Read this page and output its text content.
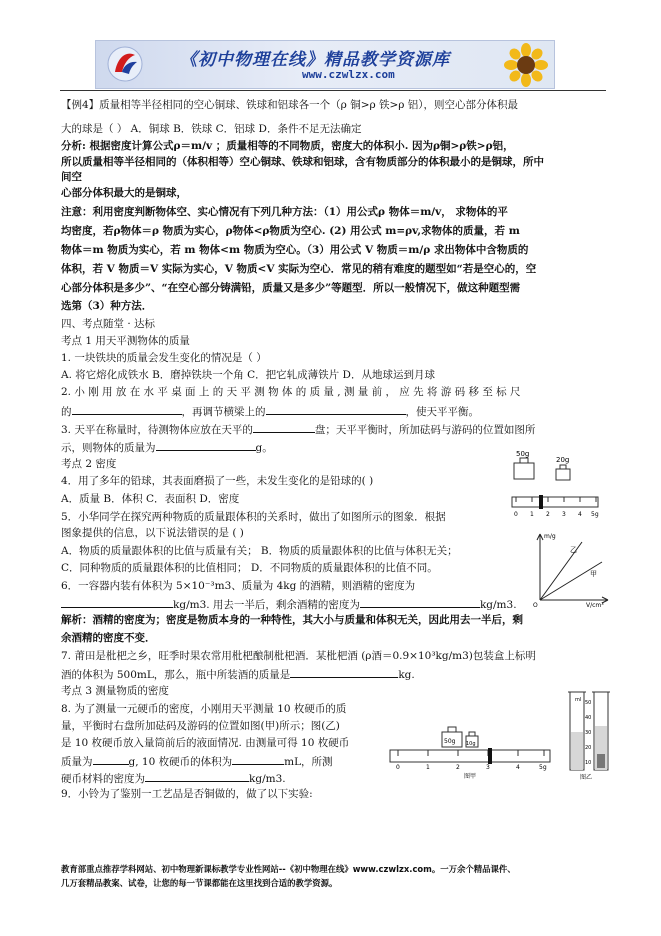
《初中物理在线》精品教学资源库
www.czwlzx.com
【例4】质量相等半径相同的空心铜球、铁球和铝球各一个（ρ 铜>ρ 铁>ρ 铝），则空心部分体积最
大的球是（ ） A．铜球 B．铁球 C．铝球 D．条件不足无法确定
分析: 根据密度计算公式ρ＝m/v ；质量相等的不同物质，密度大的体积小. 因为ρ铜>ρ铁>ρ铝，
所以质量相等半径相同的（体积相等）空心铜球、铁球和铝球，含有物质部分的体积最小的是铜球，所中
间空
心部分体积最大的是铜球，
注意：利用密度判断物体空、实心情况有下列几种方法：（1）用公式ρ 物体＝m/v， 求物体的平
均密度，若ρ物体＝ρ 物质为实心，ρ物体<ρ物质为空心. (2) 用公式 m=ρv,求物体的质量，若 m
物体＝m 物质为实心，若 m 物体<m 物质为空心。（3）用公式 V 物质＝m/ρ 求出物体中含物质的
体积，若 V 物质＝V 实际为实心，V 物质<V 实际为空心．常见的稍有难度的题型如“若是空心的，空
心部分体积是多少”、“在空心部分铸满铅，质量又是多少”等题型．所以一般情况下，做这种题型需
选第（3）种方法．
四、考点随堂 · 达标
考点 1 用天平测物体的质量
1. 一块铁块的质量会发生变化的情况是（ ）
A. 将它熔化成铁水 B．磨掉铁块一个角 C．把它轧成薄铁片 D．从地球运到月球
2. 小 刚 用 放 在 水 平 桌 面 上 的 天 平 测 物 体 的 质 量 , 测 量 前 ， 应 先 将 游 码 移 至 标 尺
的	，再调节横梁上的	，使天平平衡。
3. 天平在称量时，待测物体应放在天平的	盘；天平平衡时，所加砝码与游码的位置如图所
示，则物体的质量为	g。
考点 2 密度
4．用了多年的铅球，其表面磨损了一些，未发生变化的是铅球的( )
A．质量 B．体积 C．表面积 D．密度
5．小华同学在探究两种物质的质量跟体积的关系时，做出了如图所示的图象．根据
图象提供的信息，以下说法错误的是 ( )
A．物质的质量跟体积的比值与质量有关； B．物质的质量跟体积的比值与体积无关；
C．同种物质的质量跟体积的比值相同； D．不同物质的质量跟体积的比值不同。
6．一容器内装有体积为 5×10⁻³m3、质量为 4kg 的酒精，则酒精的密度为
kg/m3. 用去一半后，剩余酒精的密度为	kg/m3.
解析：酒精的密度为；密度是物质本身的一种特性，其大小与质量和体积无关，因此用去一半后，剩
余酒精的密度不变．
7. 莆田是枇杷之乡，旺季时果农常用枇杷酿制枇杷酒．某枇杷酒 (ρ酒＝0.9×10³kg/m3)包装盒上标明
酒的体积为 500mL，那么，瓶中所装酒的质量是	kg.
考点 3 测量物质的密度
8. 为了测量一元硬币的密度，小刚用天平测量 10 枚硬币的质
量，平衡时右盘所加砝码及游码的位置如图(甲)所示；图(乙)
是 10 枚硬币放入量筒前后的液面情况. 由测量可得 10 枚硬币
质量为	g, 10 枚硬币的体积为	mL，所测
硬币材料的密度为	kg/m3.
9．小铃为了鉴别一工艺品是否铜做的，做了以下实验:
50g
20g
0 1 2 3 4 5g
m/g
V/cm³
乙
甲
O
50g 10g
0	1	2	3	4	5g
图甲
ml 50
40
30
20
10
图乙
教育部重点推荐学科网站、初中物理新课标教学专业性网站--《初中物理在线》www.czwlzx.com。一万余个精品课件、
几万套精品教案、试卷，让您的每一节课都能在这里找到合适的教学资源。
